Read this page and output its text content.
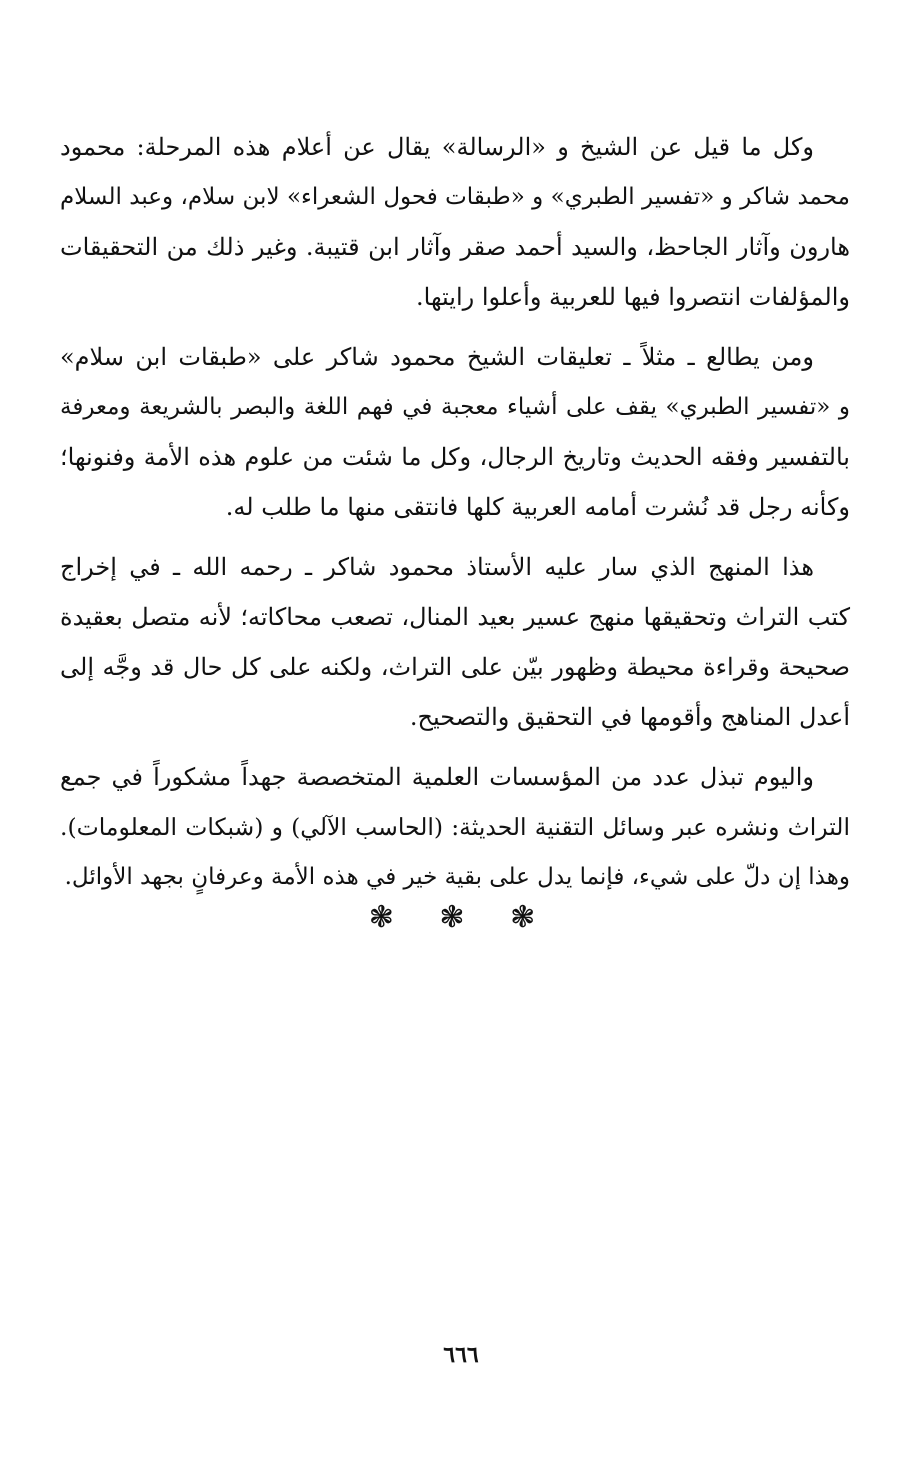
وكل ما قيل عن الشيخ و «الرسالة» يقال عن أعلام هذه المرحلة: محمود
محمد شاكر و «تفسير الطبري» و «طبقات فحول الشعراء» لابن سلام، وعبد السلام
هارون وآثار الجاحظ، والسيد أحمد صقر وآثار ابن قتيبة. وغير ذلك من التحقيقات
والمؤلفات انتصروا فيها للعربية وأعلوا رايتها.

ومن يطالع ـ مثلاً ـ تعليقات الشيخ محمود شاكر على «طبقات ابن سلام»
و «تفسير الطبري» يقف على أشياء معجبة في فهم اللغة والبصر بالشريعة ومعرفة
بالتفسير وفقه الحديث وتاريخ الرجال، وكل ما شئت من علوم هذه الأمة وفنونها؛
وكأنه رجل قد نُشرت أمامه العربية كلها فانتقى منها ما طلب له.

هذا المنهج الذي سار عليه الأستاذ محمود شاكر ـ رحمه الله ـ في إخراج
كتب التراث وتحقيقها منهج عسير بعيد المنال، تصعب محاكاته؛ لأنه متصل بعقيدة
صحيحة وقراءة محيطة وظهور بيّن على التراث، ولكنه على كل حال قد وجَّه إلى
أعدل المناهج وأقومها في التحقيق والتصحيح.

واليوم تبذل عدد من المؤسسات العلمية المتخصصة جهداً مشكوراً في جمع
التراث ونشره عبر وسائل التقنية الحديثة: (الحاسب الآلي) و (شبكات المعلومات).
وهذا إن دلّ على شيء، فإنما يدل على بقية خير في هذه الأمة وعرفانٍ بجهد الأوائل.

❃ ❃ ❃
٦٦٦
